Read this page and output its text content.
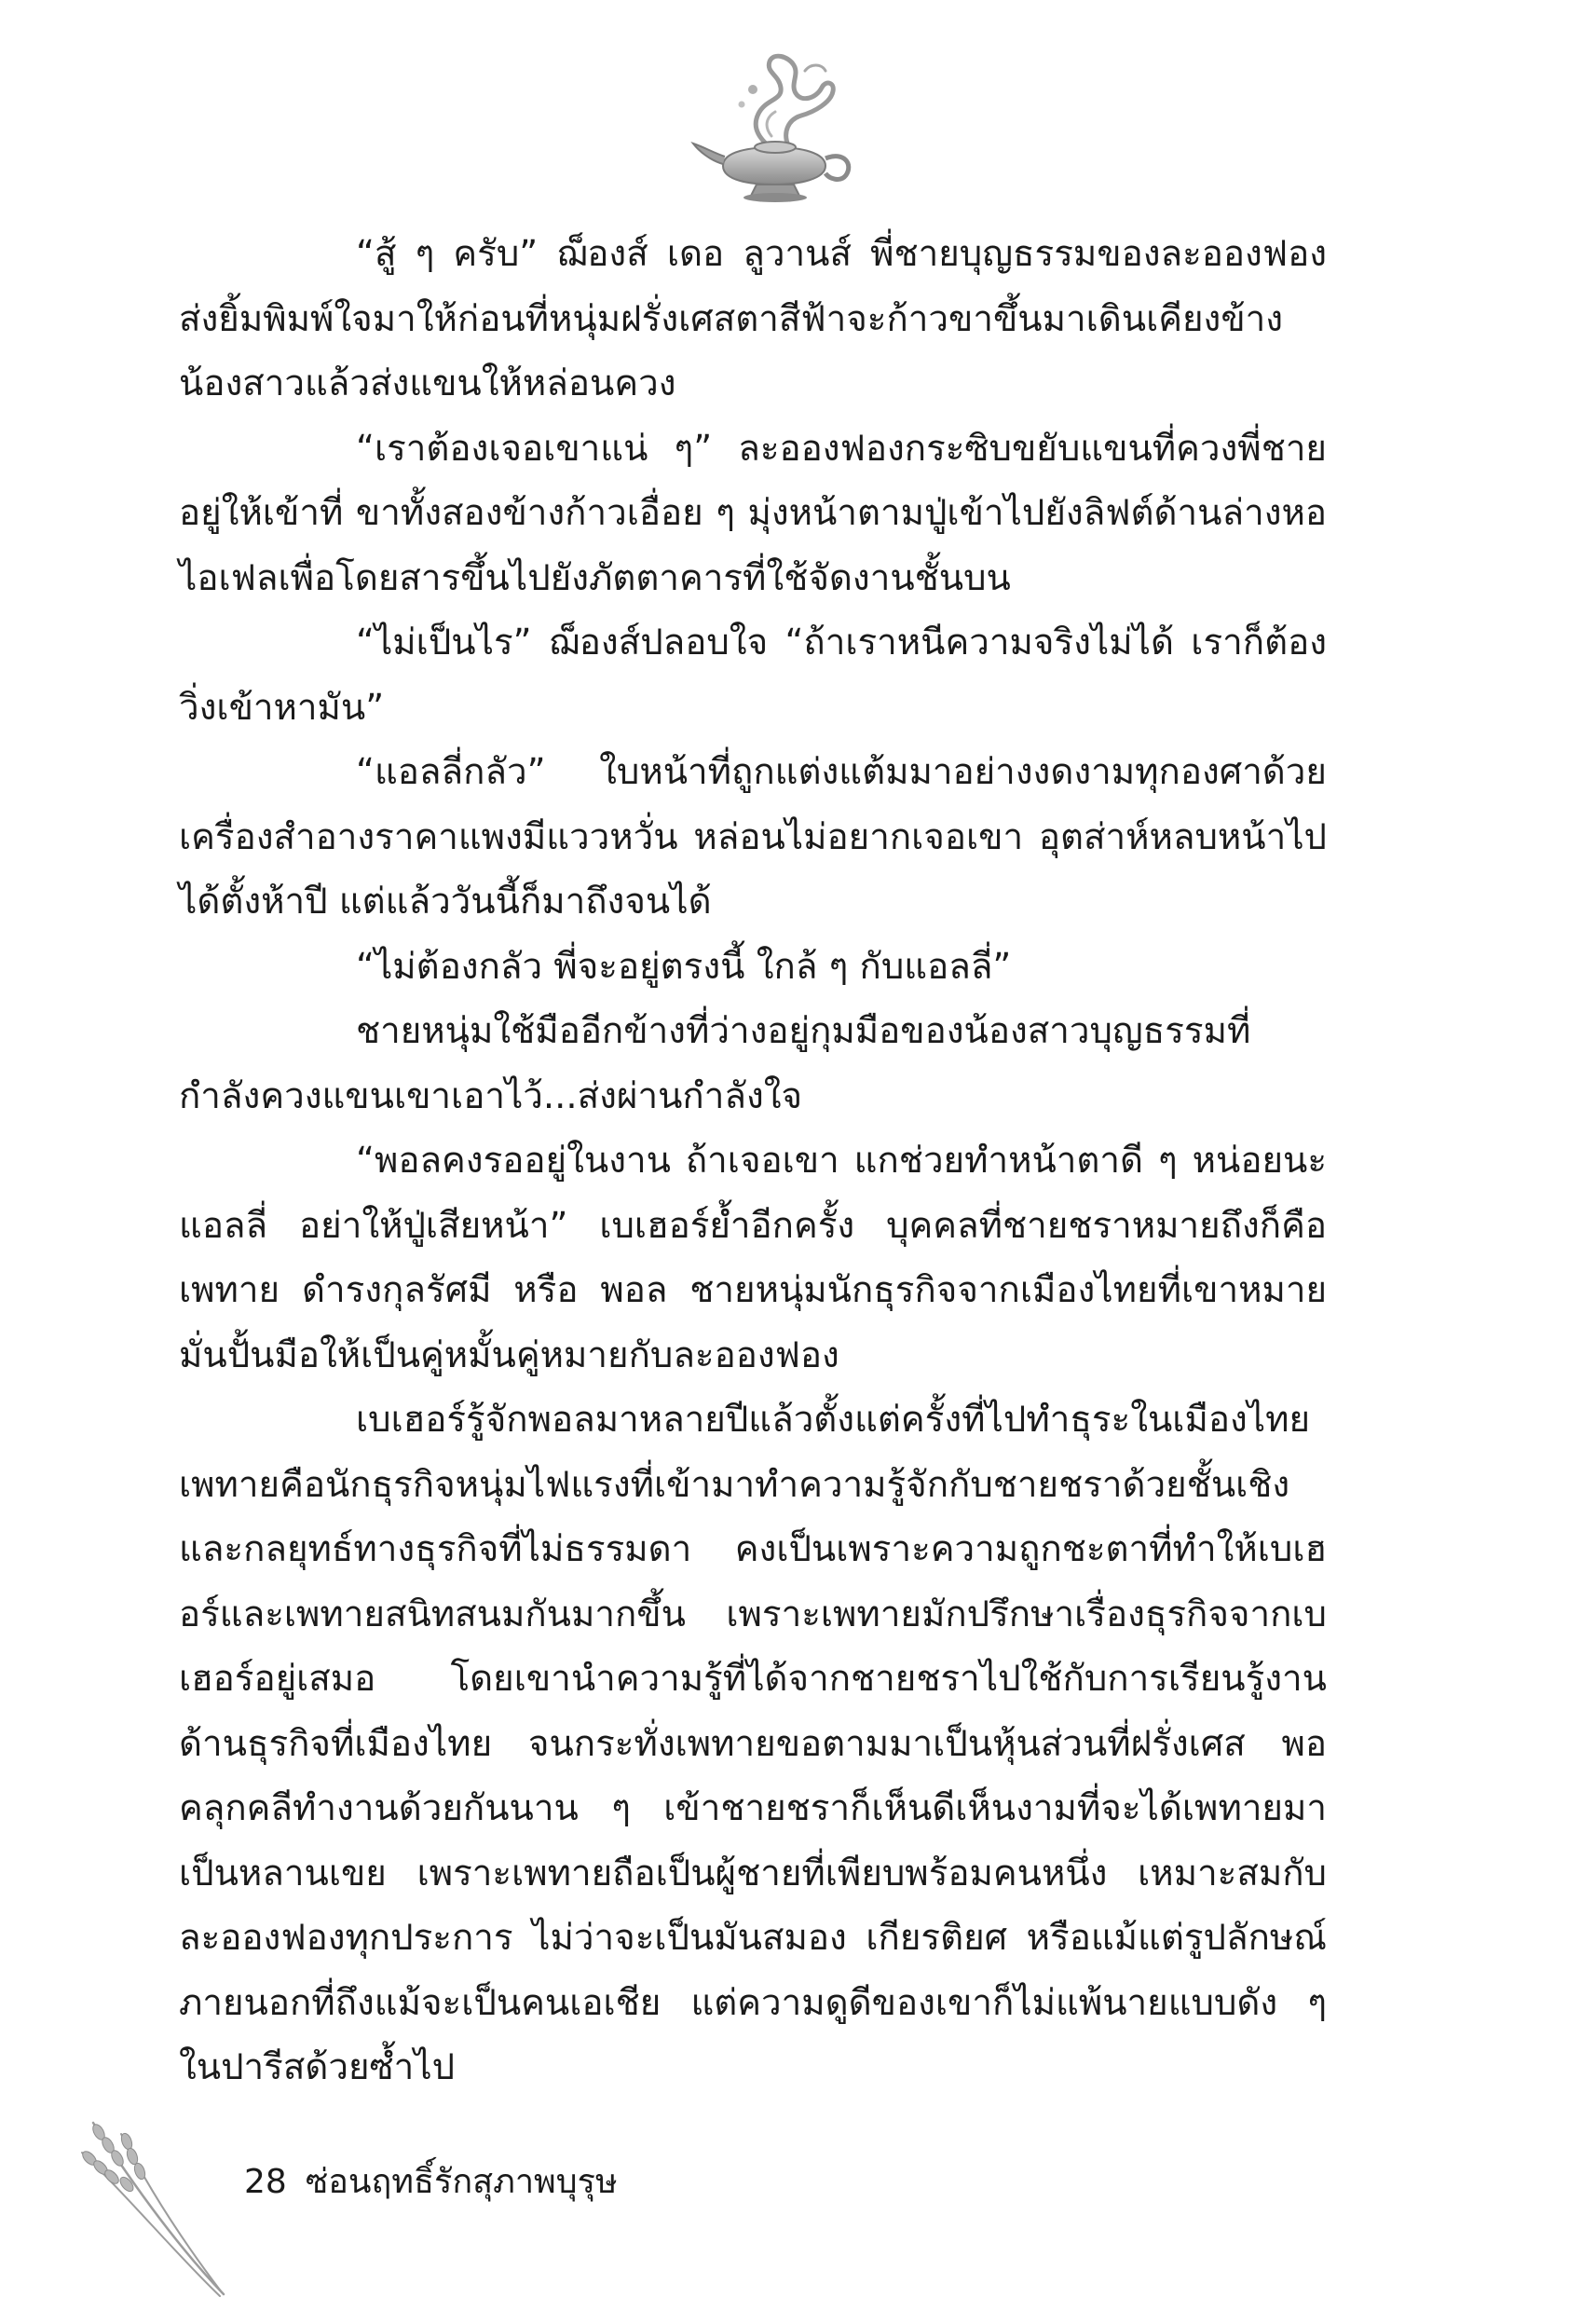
“สู้ ๆ ครับ” ฌ็องส์ เดอ ลูวานส์ พี่ชายบุญธรรมของละอองฟอง ส่งยิ้มพิมพ์ใจมาให้ก่อนที่หนุ่มฝรั่งเศสตาสีฟ้าจะก้าวขาขึ้นมาเดินเคียงข้างน้องสาวแล้วส่งแขนให้หล่อนควง

“เราต้องเจอเขาแน่ ๆ” ละอองฟองกระซิบขยับแขนที่ควงพี่ชายอยู่ให้เข้าที่ ขาทั้งสองข้างก้าวเอื่อย ๆ มุ่งหน้าตามปู่เข้าไปยังลิฟต์ด้านล่างหอไอเฟลเพื่อโดยสารขึ้นไปยังภัตตาคารที่ใช้จัดงานชั้นบน

“ไม่เป็นไร” ฌ็องส์ปลอบใจ “ถ้าเราหนีความจริงไม่ได้ เราก็ต้องวิ่งเข้าหามัน”

“แอลลี่กลัว” ใบหน้าที่ถูกแต่งแต้มมาอย่างงดงามทุกองศาด้วยเครื่องสำอางราคาแพงมีแววหวั่น หล่อนไม่อยากเจอเขา อุตส่าห์หลบหน้าไปได้ตั้งห้าปี แต่แล้ววันนี้ก็มาถึงจนได้

“ไม่ต้องกลัว พี่จะอยู่ตรงนี้ ใกล้ ๆ กับแอลลี่”

ชายหนุ่มใช้มืออีกข้างที่ว่างอยู่กุมมือของน้องสาวบุญธรรมที่กำลังควงแขนเขาเอาไว้...ส่งผ่านกำลังใจ

“พอลคงรออยู่ในงาน ถ้าเจอเขา แกช่วยทำหน้าตาดี ๆ หน่อยนะแอลลี่ อย่าให้ปู่เสียหน้า” เบเฮอร์ย้ำอีกครั้ง บุคคลที่ชายชราหมายถึงก็คือ เพทาย ดำรงกุลรัศมี หรือ พอล ชายหนุ่มนักธุรกิจจากเมืองไทยที่เขาหมายมั่นปั้นมือให้เป็นคู่หมั้นคู่หมายกับละอองฟอง

เบเฮอร์รู้จักพอลมาหลายปีแล้วตั้งแต่ครั้งที่ไปทำธุระในเมืองไทย เพทายคือนักธุรกิจหนุ่มไฟแรงที่เข้ามาทำความรู้จักกับชายชราด้วยชั้นเชิงและกลยุทธ์ทางธุรกิจที่ไม่ธรรมดา คงเป็นเพราะความถูกชะตาที่ทำให้เบเฮอร์และเพทายสนิทสนมกันมากขึ้น เพราะเพทายมักปรึกษาเรื่องธุรกิจจากเบเฮอร์อยู่เสมอ โดยเขานำความรู้ที่ได้จากชายชราไปใช้กับการเรียนรู้งานด้านธุรกิจที่เมืองไทย จนกระทั่งเพทายขอตามมาเป็นหุ้นส่วนที่ฝรั่งเศส พอคลุกคลีทำงานด้วยกันนาน ๆ เข้าชายชราก็เห็นดีเห็นงามที่จะได้เพทายมาเป็นหลานเขย เพราะเพทายถือเป็นผู้ชายที่เพียบพร้อมคนหนึ่ง เหมาะสมกับละอองฟองทุกประการ ไม่ว่าจะเป็นมันสมอง เกียรติยศ หรือแม้แต่รูปลักษณ์ภายนอกที่ถึงแม้จะเป็นคนเอเชีย แต่ความดูดีของเขาก็ไม่แพ้นายแบบดัง ๆ ในปารีสด้วยซ้ำไป

28 ซ่อนฤทธิ์รักสุภาพบุรุษ
